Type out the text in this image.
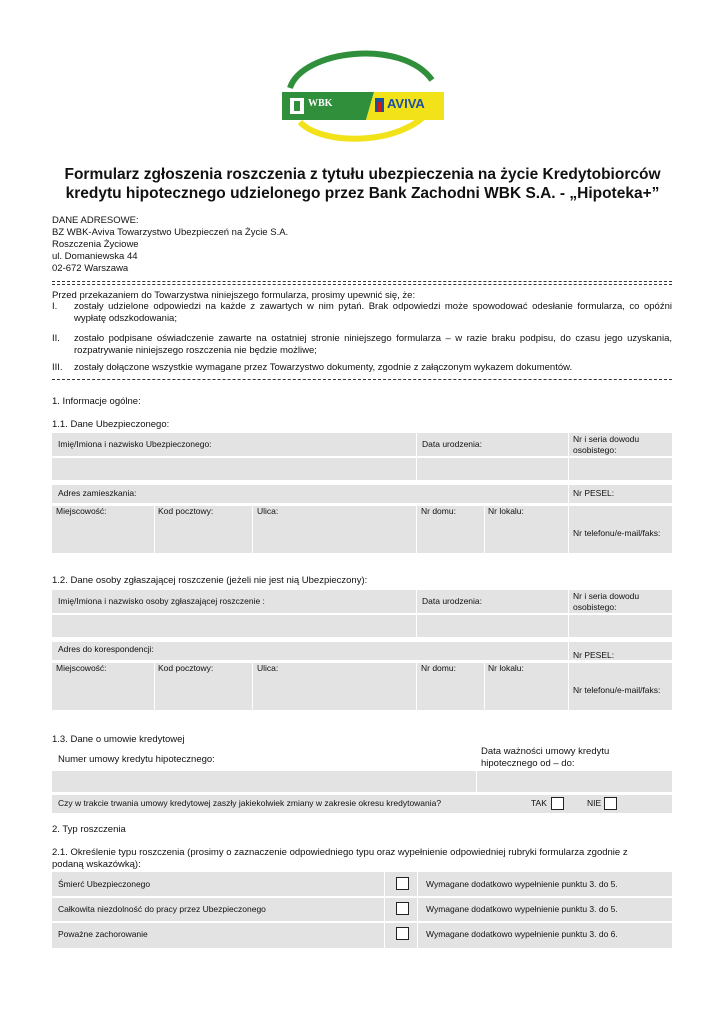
WBK	AVIVA
Formularz zgłoszenia roszczenia z tytułu ubezpieczenia na życie Kredytobiorców
kredytu hipotecznego udzielonego przez Bank Zachodni WBK S.A. - „Hipoteka+”
DANE ADRESOWE:
BZ WBK-Aviva Towarzystwo Ubezpieczeń na Życie S.A.
Roszczenia Życiowe
ul. Domaniewska 44
02-672 Warszawa
Przed przekazaniem do Towarzystwa niniejszego formularza, prosimy upewnić się, że:
I. zostały udzielone odpowiedzi na każde z zawartych w nim pytań. Brak odpowiedzi może spowodować odesłanie formularza, co opóźni wypłatę odszkodowania;
II. zostało podpisane oświadczenie zawarte na ostatniej stronie niniejszego formularza – w razie braku podpisu, do czasu jego uzyskania, rozpatrywanie niniejszego roszczenia nie będzie możliwe;
III. zostały dołączone wszystkie wymagane przez Towarzystwo dokumenty, zgodnie z załączonym wykazem dokumentów.
1. Informacje ogólne:
1.1. Dane Ubezpieczonego:
Imię/Imiona i nazwisko Ubezpieczonego:	Data urodzenia:	Nr i seria dowodu osobistego:
Adres zamieszkania:	Nr PESEL:
Miejscowość:	Kod pocztowy:	Ulica:	Nr domu:	Nr lokalu:
Nr telefonu/e-mail/faks:
1.2. Dane osoby zgłaszającej roszczenie (jeżeli nie jest nią Ubezpieczony):
Imię/Imiona i nazwisko osoby zgłaszającej roszczenie :	Data urodzenia:	Nr i seria dowodu osobistego:
Adres do korespondencji:
Nr PESEL:
Miejscowość:	Kod pocztowy:	Ulica:	Nr domu:	Nr lokalu:
Nr telefonu/e-mail/faks:
1.3. Dane o umowie kredytowej
Numer umowy kredytu hipotecznego:
Data ważności umowy kredytu hipotecznego od – do:
Czy w trakcie trwania umowy kredytowej zaszły jakiekolwiek zmiany w zakresie okresu kredytowania?	TAK	NIE
2. Typ roszczenia
2.1. Określenie typu roszczenia (prosimy o zaznaczenie odpowiedniego typu oraz wypełnienie odpowiedniej rubryki formularza zgodnie z podaną wskazówką):
Śmierć Ubezpieczonego	Wymagane dodatkowo wypełnienie punktu 3. do 5.
Całkowita niezdolność do pracy przez Ubezpieczonego	Wymagane dodatkowo wypełnienie punktu 3. do 5.
Poważne zachorowanie	Wymagane dodatkowo wypełnienie punktu 3. do 6.
